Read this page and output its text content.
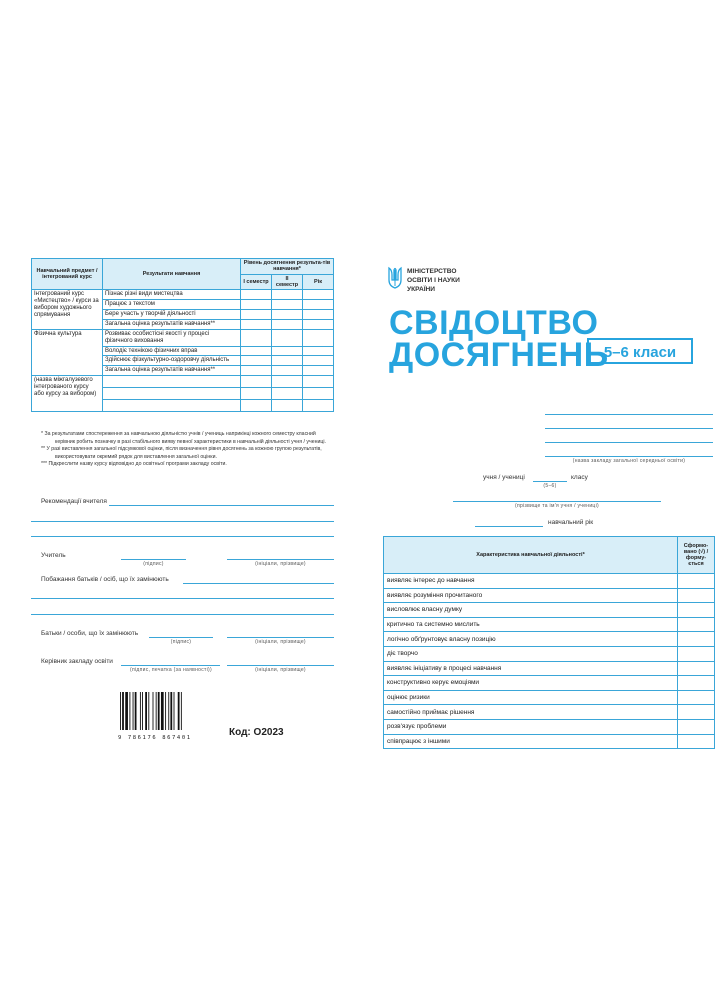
Навчальний предмет / інтегрований курс	Результати навчання	Рівень досягнення результа-тів навчання*		
		І семестр	ІІ семестр	Рік
Інтегрований курс «Мистецтво» / курси за вибором художнього спрямування	Пізнає різні види мистецтва			
	Працює з текстом			
	Бере участь у творчій діяльності			
	Загальна оцінка результатів навчання**			
Фізична культура	Розвиває особистісні якості у процесі фізичного виховання			
	Володіє технікою фізичних вправ			
	Здійснює фізкультурно-оздоровчу діяльність			
	Загальна оцінка результатів навчання**			
(назва міжгалузевого інтегрованого курсу або курсу за вибором)				

* За результатами спостереження за навчальною діяльністю учнів / учениць наприкінці кожного семестру класний керівник робить позначку в разі стабільного вияву певної характеристики в навчальній діяльності учня / учениці.

** У разі виставлення загальної підсумкової оцінки, після визначення рівня досягнень за кожною групою результатів, використовувати окремий рядок для виставлення загальної оцінки.

*** Підкреслити назву курсу відповідно до освітньої програми закладу освіти.

Рекомендації вчителя
Учитель
(підпис)	(ініціали, прізвище)
Побажання батьків / осіб, що їх замінюють
Батьки / особи, що їх замінюють
(підпис)	(ініціали, прізвище)
Керівник закладу освіти
(підпис, печатка (за наявності))	(ініціали, прізвище)
9 786176 867401	Код: О2023
МІНІСТЕРСТВО
ОСВІТИ І НАУКИ
УКРАЇНИ
СВІДОЦТВО
ДОСЯГНЕНЬ
5–6 класи
(назва закладу загальної середньої освіти)
учня / учениці	класу
(5–6)
(прізвище та ім'я учня / учениці)
навчальний рік
Характеристика навчальної діяльності*	Сформо-вано (√) / форму-ється
виявляє інтерес до навчання	
виявляє розуміння прочитаного	
висловлює власну думку	
критично та системно мислить	
логічно обґрунтовує власну позицію	
діє творчо	
виявляє ініціативу в процесі навчання	
конструктивно керує емоціями	
оцінює ризики	
самостійно приймає рішення	
розв'язує проблеми	
співпрацює з іншими	
